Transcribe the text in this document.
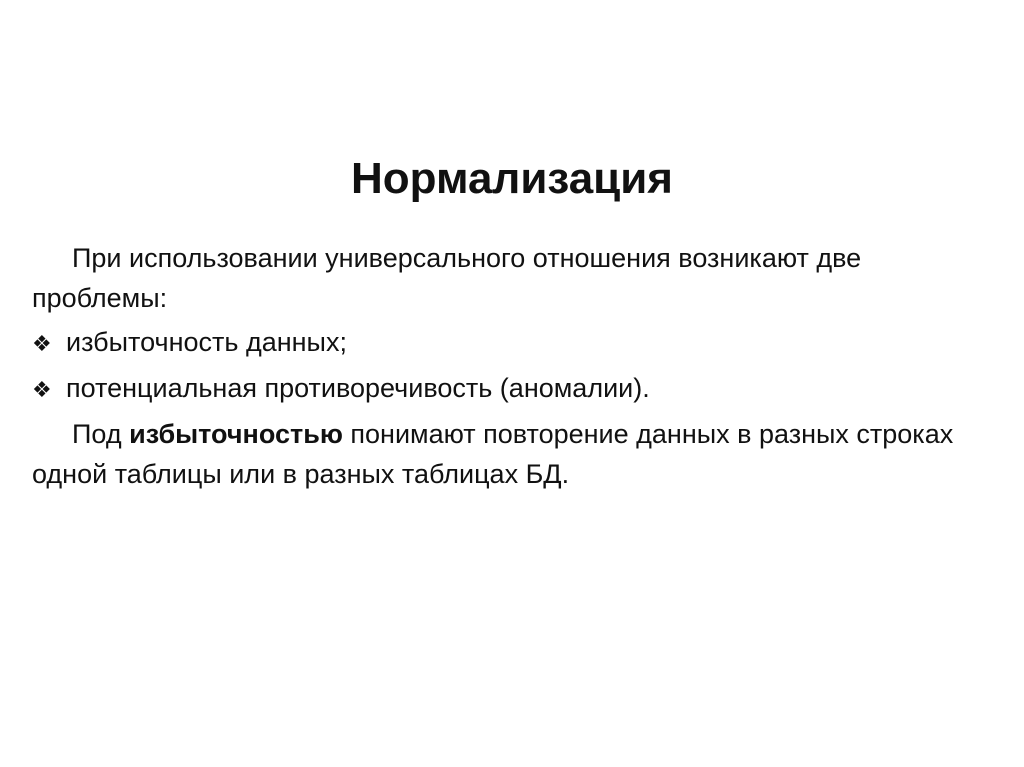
Нормализация

При использовании универсального отношения возникают две проблемы:

❖ избыточность данных;
❖ потенциальная противоречивость (аномалии).

Под избыточностью понимают повторение данных в разных строках одной таблицы или в разных таблицах БД.
